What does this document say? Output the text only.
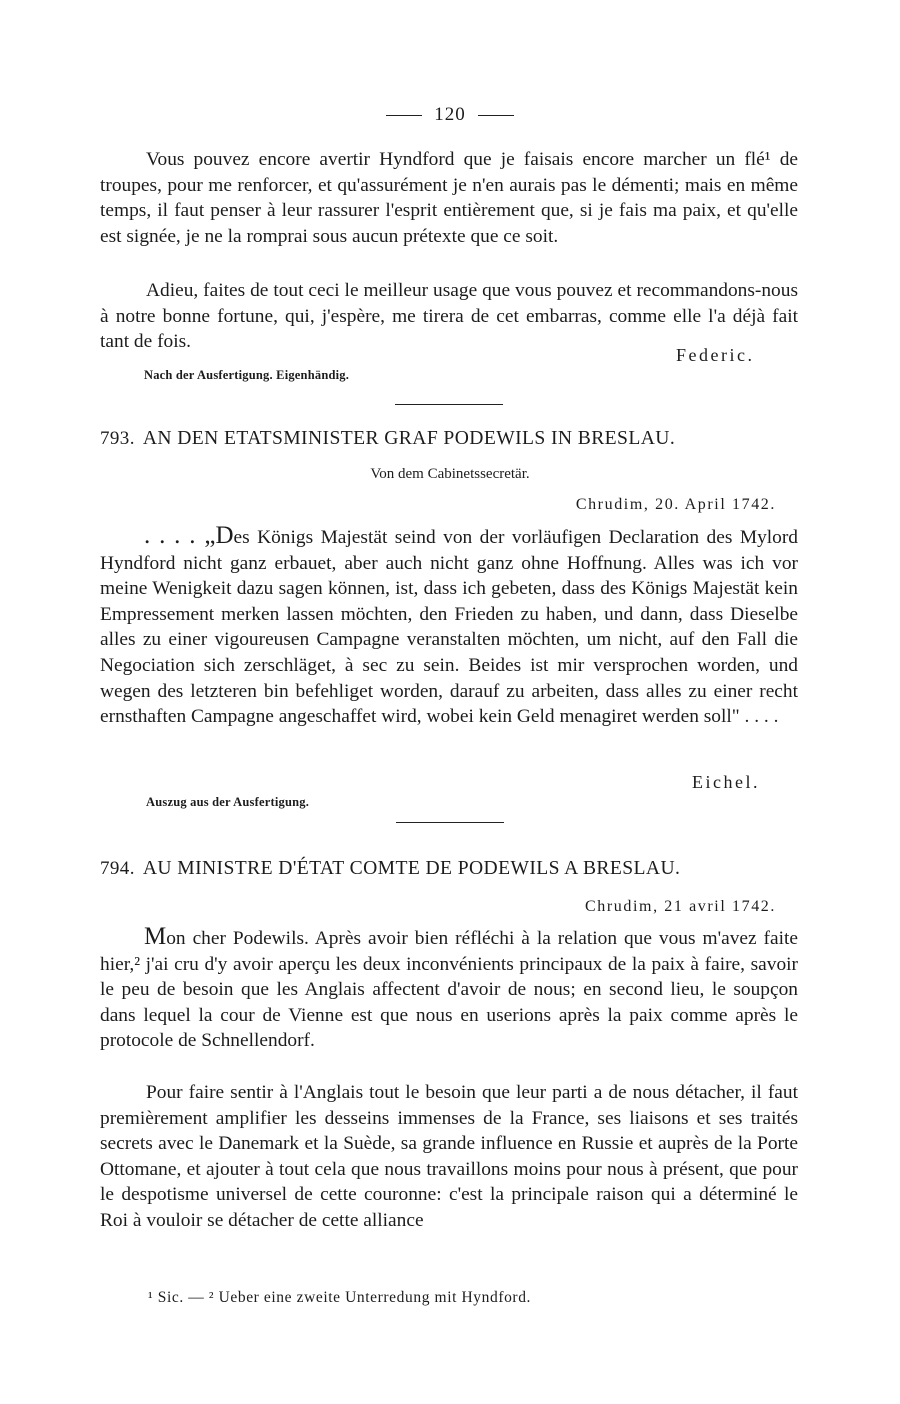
120
Vous pouvez encore avertir Hyndford que je faisais encore marcher un flé¹ de troupes, pour me renforcer, et qu'assurément je n'en aurais pas le démenti; mais en même temps, il faut penser à leur rassurer l'esprit entièrement que, si je fais ma paix, et qu'elle est signée, je ne la romprai sous aucun prétexte que ce soit.
Adieu, faites de tout ceci le meilleur usage que vous pouvez et recommandons-nous à notre bonne fortune, qui, j'espère, me tirera de cet embarras, comme elle l'a déjà fait tant de fois.
Federic.
Nach der Ausfertigung. Eigenhändig.
793. AN DEN ETATSMINISTER GRAF PODEWILS IN BRESLAU.
Von dem Cabinetssecretär.
Chrudim, 20. April 1742.
. . . . „Des Königs Majestät seind von der vorläufigen Declaration des Mylord Hyndford nicht ganz erbauet, aber auch nicht ganz ohne Hoffnung. Alles was ich vor meine Wenigkeit dazu sagen können, ist, dass ich gebeten, dass des Königs Majestät kein Empressement merken lassen möchten, den Frieden zu haben, und dann, dass Dieselbe alles zu einer vigoureusen Campagne veranstalten möchten, um nicht, auf den Fall die Negociation sich zerschläget, à sec zu sein. Beides ist mir versprochen worden, und wegen des letzteren bin befehliget worden, darauf zu arbeiten, dass alles zu einer recht ernsthaften Campagne angeschaffet wird, wobei kein Geld menagiret werden soll" . . . .
Eichel.
Auszug aus der Ausfertigung.
794. AU MINISTRE D'ÉTAT COMTE DE PODEWILS A BRESLAU.
Chrudim, 21 avril 1742.
Mon cher Podewils. Après avoir bien réfléchi à la relation que vous m'avez faite hier,² j'ai cru d'y avoir aperçu les deux inconvénients principaux de la paix à faire, savoir le peu de besoin que les Anglais affectent d'avoir de nous; en second lieu, le soupçon dans lequel la cour de Vienne est que nous en userions après la paix comme après le protocole de Schnellendorf.
Pour faire sentir à l'Anglais tout le besoin que leur parti a de nous détacher, il faut premièrement amplifier les desseins immenses de la France, ses liaisons et ses traités secrets avec le Danemark et la Suède, sa grande influence en Russie et auprès de la Porte Ottomane, et ajouter à tout cela que nous travaillons moins pour nous à présent, que pour le despotisme universel de cette couronne: c'est la principale raison qui a déterminé le Roi à vouloir se détacher de cette alliance
¹ Sic. — ² Ueber eine zweite Unterredung mit Hyndford.
